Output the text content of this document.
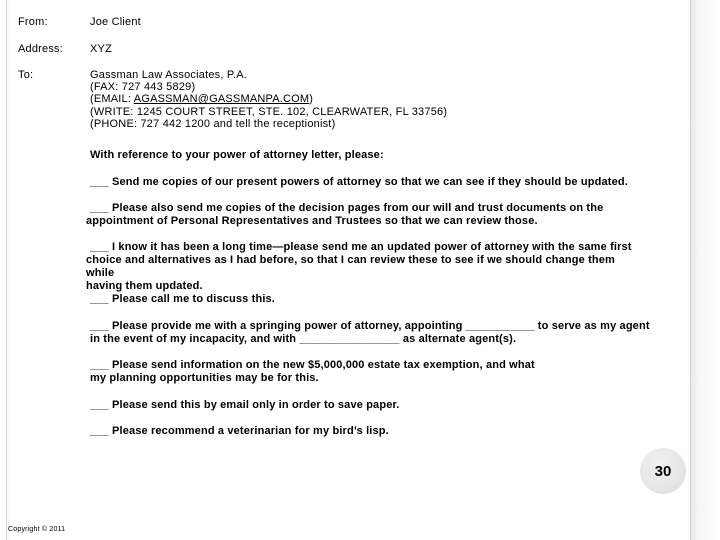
From:	Joe Client
Address: XYZ
To:	Gassman Law Associates, P.A.
(FAX: 727 443 5829)
(EMAIL: AGASSMAN@GASSMANPA.COM)
(WRITE: 1245 COURT STREET, STE. 102, CLEARWATER, FL 33756)
(PHONE: 727 442 1200 and tell the receptionist)
With reference to your power of attorney letter, please:
___ Send me copies of our present powers of attorney so that we can see if they should be updated.
___ Please also send me copies of the decision pages from our will and trust documents on the
appointment of Personal Representatives and Trustees so that we can review those.
___ I know it has been a long time—please send me an updated power of attorney with the same first
choice and alternatives as I had before, so that I can review these to see if we should change them while
having them updated.
___ Please call me to discuss this.
___ Please provide me with a springing power of attorney, appointing ___________ to serve as my agent
in the event of my incapacity, and with ________________ as alternate agent(s).
___ Please send information on the new $5,000,000 estate tax exemption, and what
my planning opportunities may be for this.
___ Please send this by email only in order to save paper.
___ Please recommend a veterinarian for my bird’s lisp.
30
Copyright © 2011
